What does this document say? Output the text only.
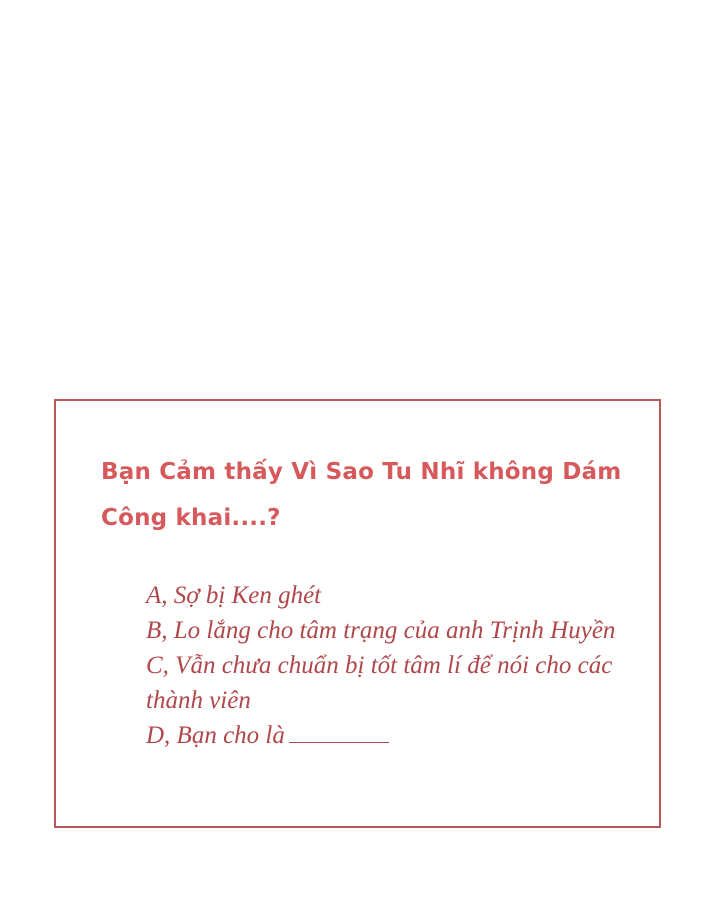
Bạn Cảm thấy Vì Sao Tu Nhĩ không Dám Công khai....?

A, Sợ bị Ken ghét
B, Lo lắng cho tâm trạng của anh Trịnh Huyền
C, Vẫn chưa chuẩn bị tốt tâm lí để nói cho các thành viên
D, Bạn cho là
